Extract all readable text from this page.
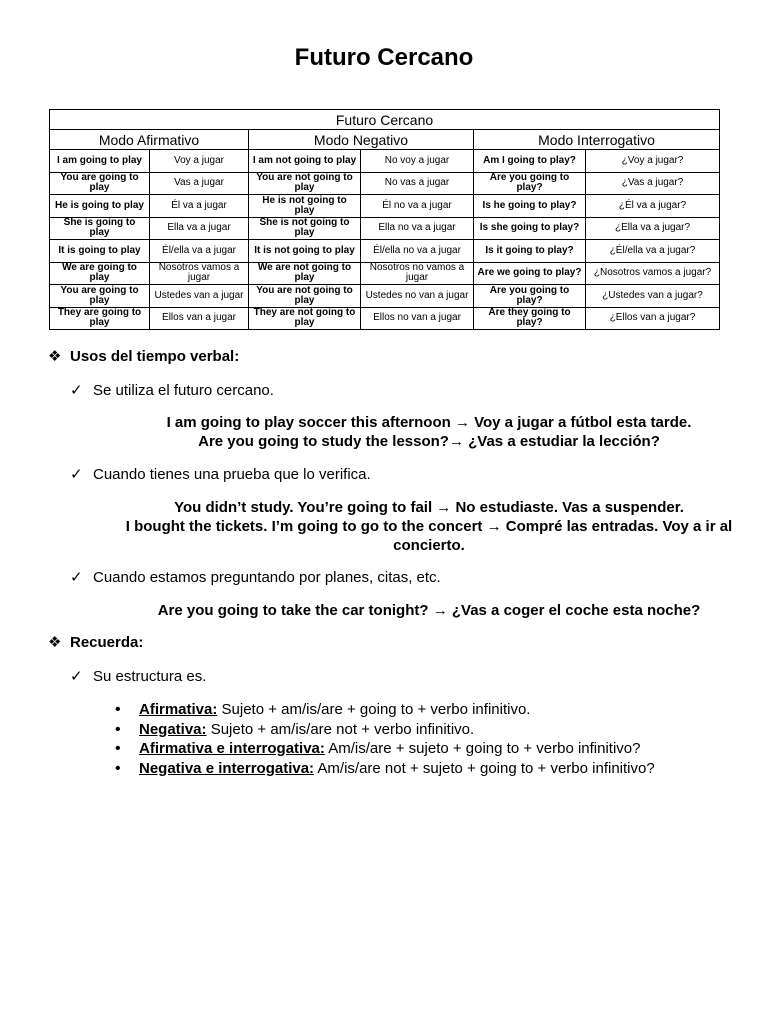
Futuro Cercano
Futuro Cercano					
Modo Afirmativo		Modo Negativo		Modo Interrogativo	
I am going to play	Voy a jugar	I am not going to play	No voy a jugar	Am I going to play?	¿Voy a jugar?
You are going to play	Vas a jugar	You are not going to play	No vas a jugar	Are you going to play?	¿Vas a jugar?
He is going to play	Él va a jugar	He is not going to play	Él no va a jugar	Is he going to play?	¿Él va a jugar?
She is going to play	Ella va a jugar	She is not going to play	Ella no va a jugar	Is she going to play?	¿Ella va a jugar?
It is going to play	Él/ella va a jugar	It is not going to play	Él/ella no va a jugar	Is it going to play?	¿Él/ella va a jugar?
We are going to play	Nosotros vamos a jugar	We are not going to play	Nosotros no vamos a jugar	Are we going to play?	¿Nosotros vamos a jugar?
You are going to play	Ustedes van a jugar	You are not going to play	Ustedes no van a jugar	Are you going to play?	¿Ustedes van a jugar?
They are going to play	Ellos van a jugar	They are not going to play	Ellos no van a jugar	Are they going to play?	¿Ellos van a jugar?
❖ Usos del tiempo verbal:
✓ Se utiliza el futuro cercano.
I am going to play soccer this afternoon → Voy a jugar a fútbol esta tarde.
Are you going to study the lesson?→ ¿Vas a estudiar la lección?
✓ Cuando tienes una prueba que lo verifica.
You didn’t study. You’re going to fail → No estudiaste. Vas a suspender.
I bought the tickets. I’m going to go to the concert → Compré las entradas. Voy a ir al concierto.
✓ Cuando estamos preguntando por planes, citas, etc.
Are you going to take the car tonight? → ¿Vas a coger el coche esta noche?
❖ Recuerda:
✓ Su estructura es.
• Afirmativa: Sujeto + am/is/are + going to + verbo infinitivo.
• Negativa: Sujeto + am/is/are not + verbo infinitivo.
• Afirmativa e interrogativa: Am/is/are + sujeto + going to + verbo infinitivo?
• Negativa e interrogativa: Am/is/are not + sujeto + going to + verbo infinitivo?
